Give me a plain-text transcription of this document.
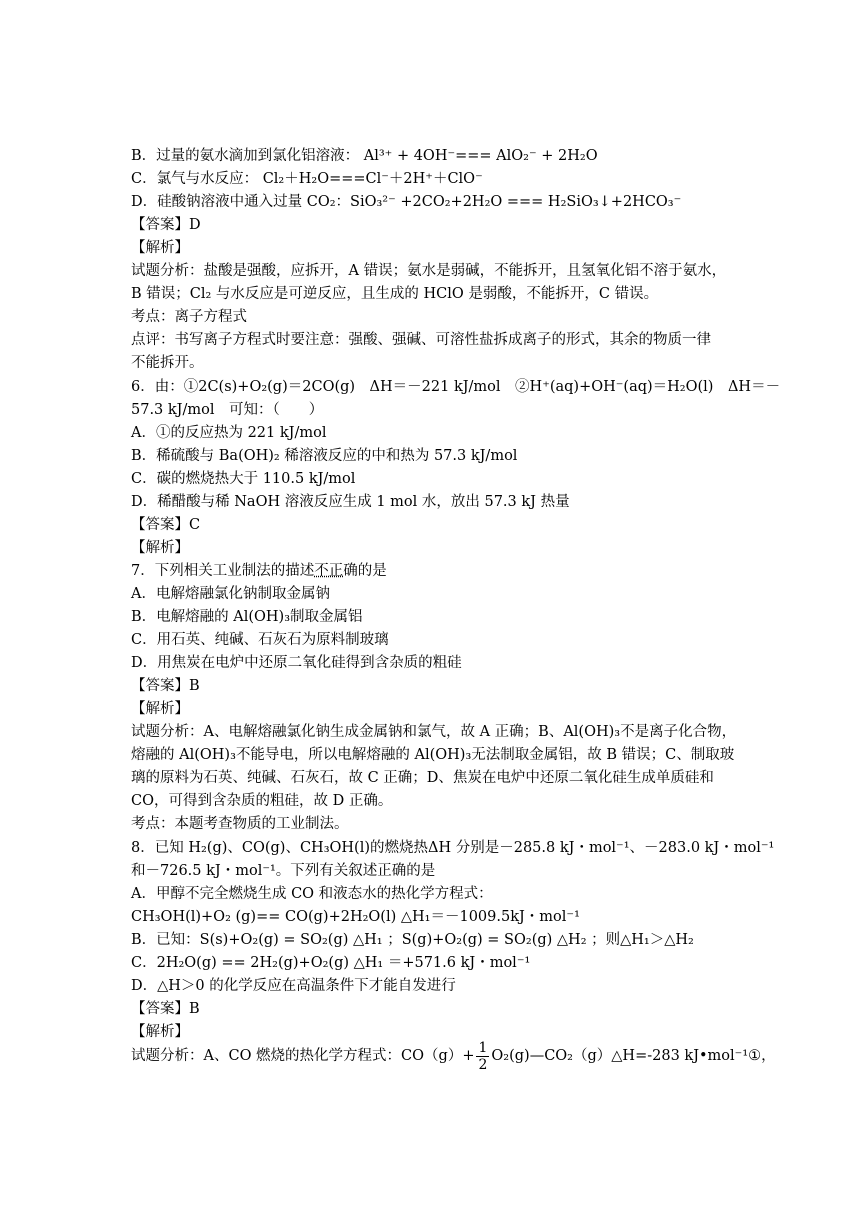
B．过量的氨水滴加到氯化铝溶液： Al³⁺ + 4OH⁻=== AlO₂⁻ + 2H₂O
C．氯气与水反应： Cl₂＋H₂O===Cl⁻＋2H⁺＋ClO⁻
D．硅酸钠溶液中通入过量 CO₂：SiO₃²⁻ +2CO₂+2H₂O === H₂SiO₃↓+2HCO₃⁻
【答案】D
【解析】
试题分析：盐酸是强酸，应拆开，A 错误；氨水是弱碱，不能拆开，且氢氧化铝不溶于氨水，
B 错误；Cl₂ 与水反应是可逆反应，且生成的 HClO 是弱酸，不能拆开，C 错误。
考点：离子方程式
点评：书写离子方程式时要注意：强酸、强碱、可溶性盐拆成离子的形式，其余的物质一律
不能拆开。
6．由：①2C(s)+O₂(g)＝2CO(g)　ΔH＝－221 kJ/mol　②H⁺(aq)+OH⁻(aq)＝H₂O(l)　ΔH＝－
57.3 kJ/mol　可知：（　　）
A．①的反应热为 221 kJ/mol
B．稀硫酸与 Ba(OH)₂ 稀溶液反应的中和热为 57.3 kJ/mol
C．碳的燃烧热大于 110.5 kJ/mol
D．稀醋酸与稀 NaOH 溶液反应生成 1 mol 水，放出 57.3 kJ 热量
【答案】C
【解析】
7．下列相关工业制法的描述不正确的是
A．电解熔融氯化钠制取金属钠
B．电解熔融的 Al(OH)₃制取金属铝
C．用石英、纯碱、石灰石为原料制玻璃
D．用焦炭在电炉中还原二氧化硅得到含杂质的粗硅
【答案】B
【解析】
试题分析：A、电解熔融氯化钠生成金属钠和氯气，故 A 正确；B、Al(OH)₃不是离子化合物，
熔融的 Al(OH)₃不能导电，所以电解熔融的 Al(OH)₃无法制取金属铝，故 B 错误；C、制取玻
璃的原料为石英、纯碱、石灰石，故 C 正确；D、焦炭在电炉中还原二氧化硅生成单质硅和
CO，可得到含杂质的粗硅，故 D 正确。
考点：本题考查物质的工业制法。
8．已知 H₂(g)、CO(g)、CH₃OH(l)的燃烧热ΔH 分别是－285.8 kJ・mol⁻¹、－283.0 kJ・mol⁻¹
和－726.5 kJ・mol⁻¹。下列有关叙述正确的是
A．甲醇不完全燃烧生成 CO 和液态水的热化学方程式：
CH₃OH(l)+O₂ (g)== CO(g)+2H₂O(l) △H₁＝－1009.5kJ・mol⁻¹
B．已知：S(s)+O₂(g) = SO₂(g) △H₁ ；S(g)+O₂(g) = SO₂(g) △H₂ ；则△H₁＞△H₂
C．2H₂O(g) == 2H₂(g)+O₂(g) △H₁ ＝+571.6 kJ・mol⁻¹
D．△H＞0 的化学反应在高温条件下才能自发进行
【答案】B
【解析】
试题分析：A、CO 燃烧的热化学方程式：$CO(g)+ \frac{1}{2}$ O₂(g)—CO₂（g）△H=-283 kJ•mol⁻¹①，
